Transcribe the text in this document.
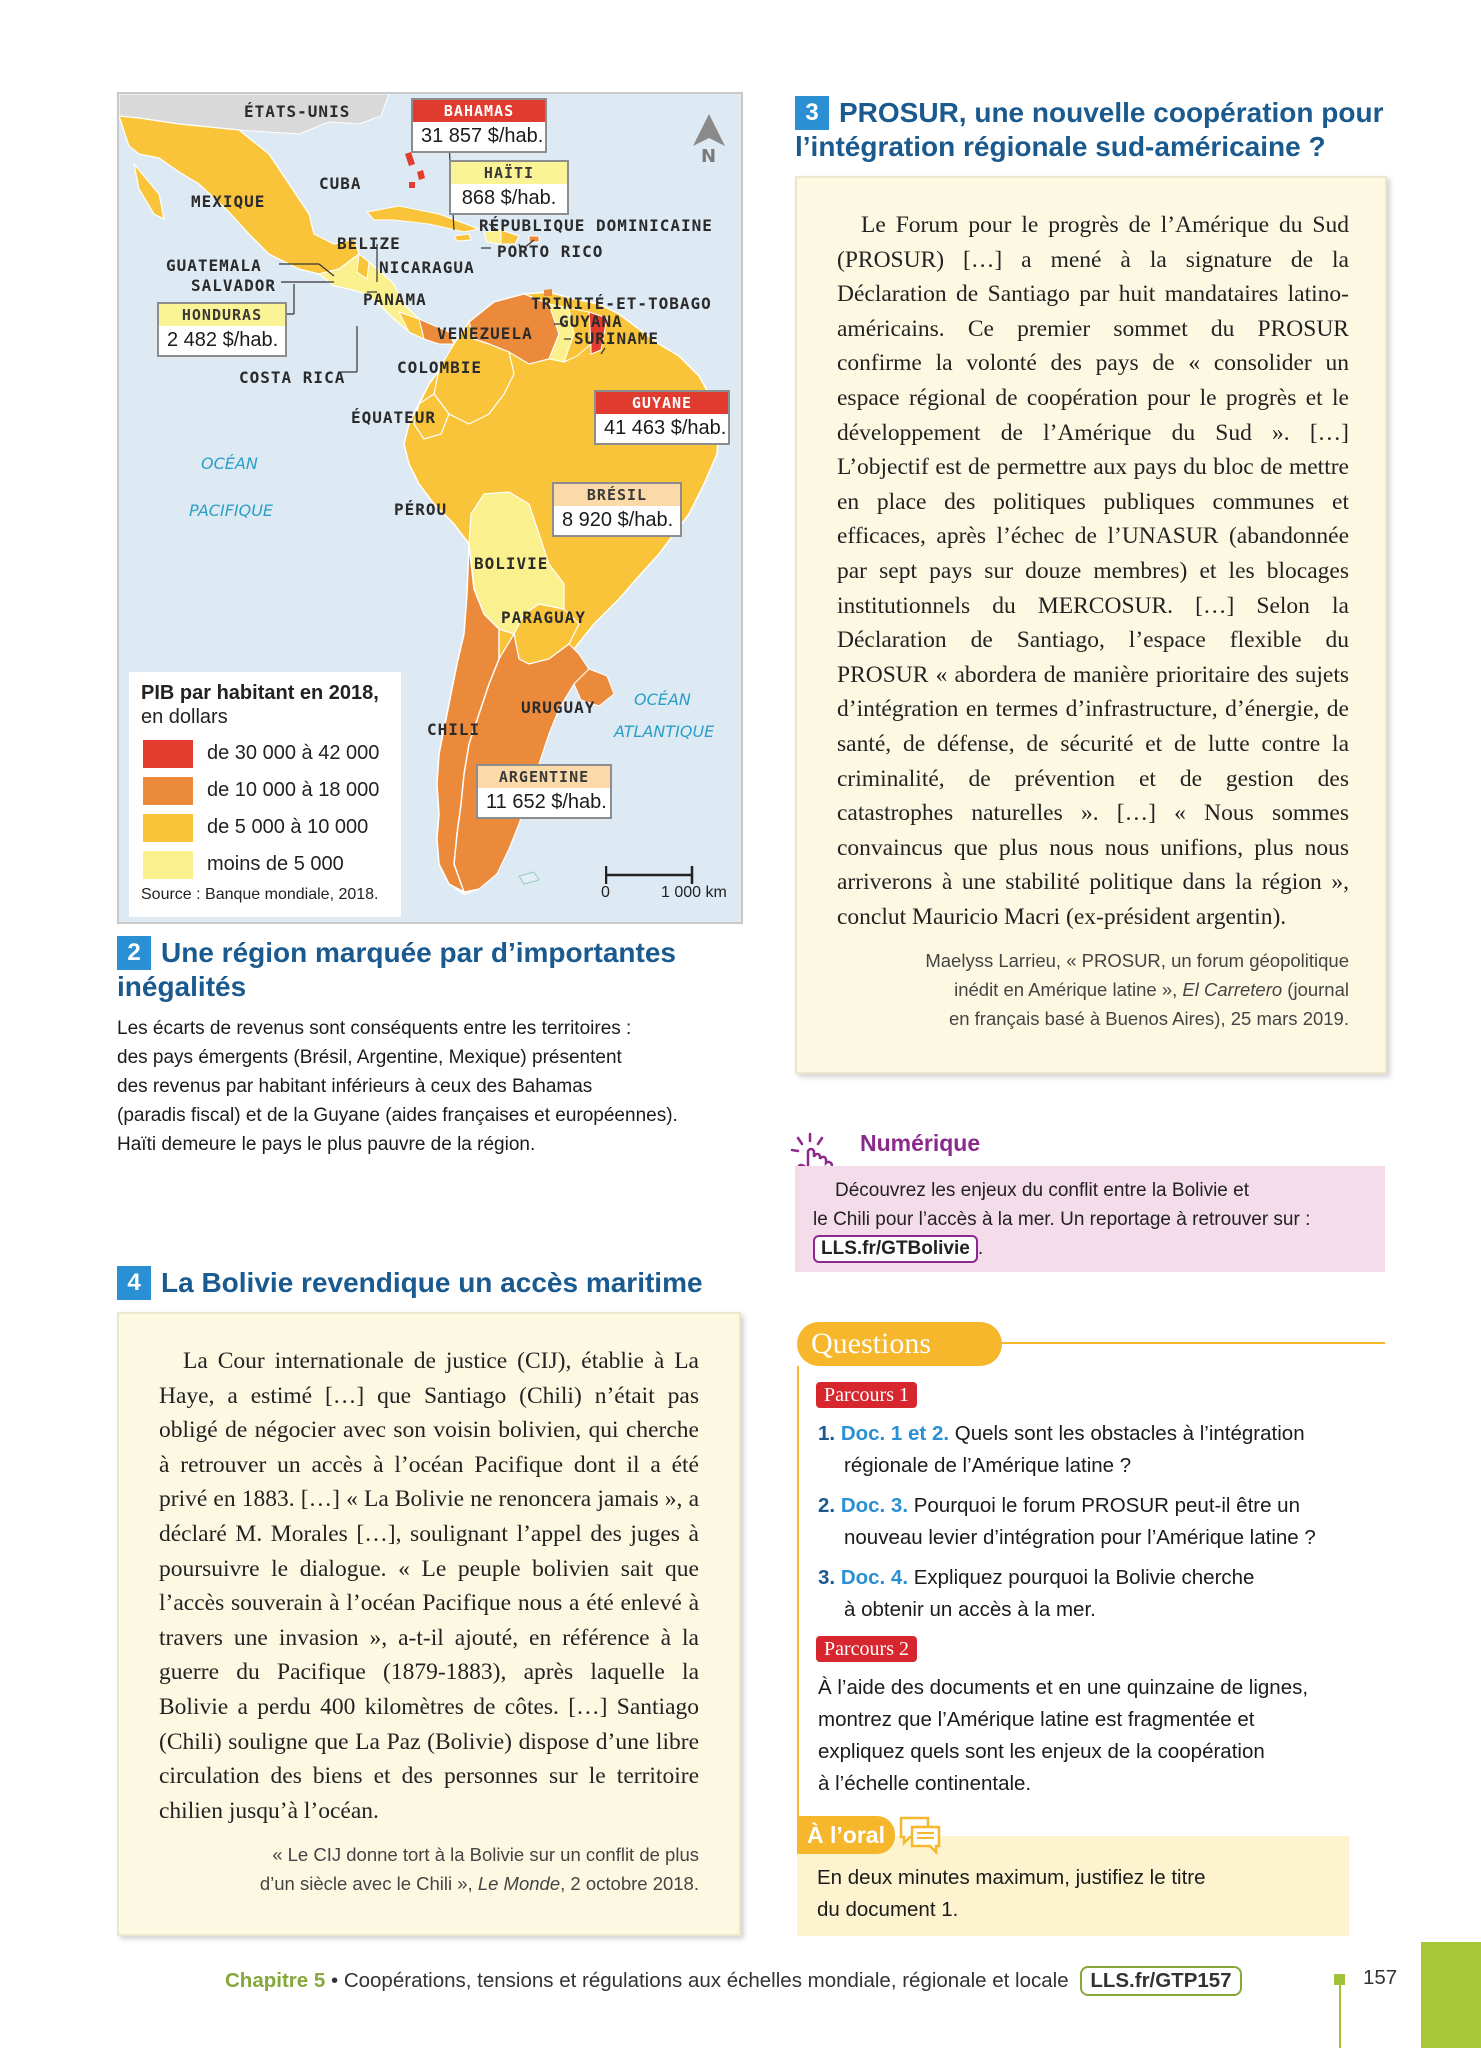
ÉTATS-UNIS
CUBA
MEXIQUE
BELIZE
GUATEMALA
SALVADOR
NICARAGUA
PANAMA
COSTA RICA
RÉPUBLIQUE DOMINICAINE
PORTO RICO
TRINITÉ-ET-TOBAGO
VENEZUELA
GUYANA
SURINAME
COLOMBIE
ÉQUATEUR
PÉROU
BOLIVIE
PARAGUAY
URUGUAY
CHILI
OCÉAN
PACIFIQUE
OCÉAN
ATLANTIQUE
BAHAMAS
31 857 $/hab.
HAÏTI
868 $/hab.
HONDURAS
2 482 $/hab.
GUYANE
41 463 $/hab.
BRÉSIL
8 920 $/hab.
ARGENTINE
11 652 $/hab.
N
0	1 000 km
PIB par habitant en 2018,
en dollars
de 30 000 à 42 000
de 10 000 à 18 000
de 5 000 à 10 000
moins de 5 000
Source : Banque mondiale, 2018.
2 Une région marquée par d’importantes inégalités
Les écarts de revenus sont conséquents entre les territoires :
des pays émergents (Brésil, Argentine, Mexique) présentent
des revenus par habitant inférieurs à ceux des Bahamas
(paradis fiscal) et de la Guyane (aides françaises et européennes).
Haïti demeure le pays le plus pauvre de la région.
3 PROSUR, une nouvelle coopération pour l’intégration régionale sud-américaine ?

Le Forum pour le progrès de l’Amérique du Sud (PROSUR) […] a mené à la signature de la Déclaration de Santiago par huit mandataires latino-américains. Ce premier sommet du PROSUR confirme la volonté des pays de « consolider un espace régional de coopération pour le progrès et le développement de l’Amérique du Sud ». […] L’objectif est de permettre aux pays du bloc de mettre en place des politiques publiques communes et efficaces, après l’échec de l’UNASUR (abandonnée par sept pays sur douze membres) et les blocages institutionnels du MERCOSUR. […] Selon la Déclaration de Santiago, l’espace flexible du PROSUR « abordera de manière prioritaire des sujets d’intégration en termes d’infrastructure, d’énergie, de santé, de défense, de sécurité et de lutte contre la criminalité, de prévention et de gestion des catastrophes naturelles ». […] « Nous sommes convaincus que plus nous nous unifions, plus nous arriverons à une stabilité politique dans la région », conclut Mauricio Macri (ex-président argentin).

Maelyss Larrieu, « PROSUR, un forum géopolitique
inédit en Amérique latine », El Carretero (journal
en français basé à Buenos Aires), 25 mars 2019.
Numérique
Découvrez les enjeux du conflit entre la Bolivie et
le Chili pour l’accès à la mer. Un reportage à retrouver sur :
LLS.fr/GTBolivie .
4 La Bolivie revendique un accès maritime

La Cour internationale de justice (CIJ), établie à La Haye, a estimé […] que Santiago (Chili) n’était pas obligé de négocier avec son voisin bolivien, qui cherche à retrouver un accès à l’océan Pacifique dont il a été privé en 1883. […] « La Bolivie ne renoncera jamais », a déclaré M. Morales […], soulignant l’appel des juges à poursuivre le dialogue. « Le peuple bolivien sait que l’accès souverain à l’océan Pacifique nous a été enlevé à travers une invasion », a-t-il ajouté, en référence à la guerre du Pacifique (1879-1883), après laquelle la Bolivie a perdu 400 kilomètres de côtes. […] Santiago (Chili) souligne que La Paz (Bolivie) dispose d’une libre circulation des biens et des personnes sur le territoire chilien jusqu’à l’océan.

« Le CIJ donne tort à la Bolivie sur un conflit de plus
d’un siècle avec le Chili », Le Monde, 2 octobre 2018.
Questions
Parcours 1
1. Doc. 1 et 2. Quels sont les obstacles à l’intégration
régionale de l’Amérique latine ?
2. Doc. 3. Pourquoi le forum PROSUR peut-il être un
nouveau levier d’intégration pour l’Amérique latine ?
3. Doc. 4. Expliquez pourquoi la Bolivie cherche
à obtenir un accès à la mer.
Parcours 2
À l’aide des documents et en une quinzaine de lignes,
montrez que l’Amérique latine est fragmentée et
expliquez quels sont les enjeux de la coopération
à l’échelle continentale.
En deux minutes maximum, justifiez le titre
du document 1.
À l’oral
Chapitre 5 • Coopérations, tensions et régulations aux échelles mondiale, régionale et locale LLS.fr/GTP157	157
